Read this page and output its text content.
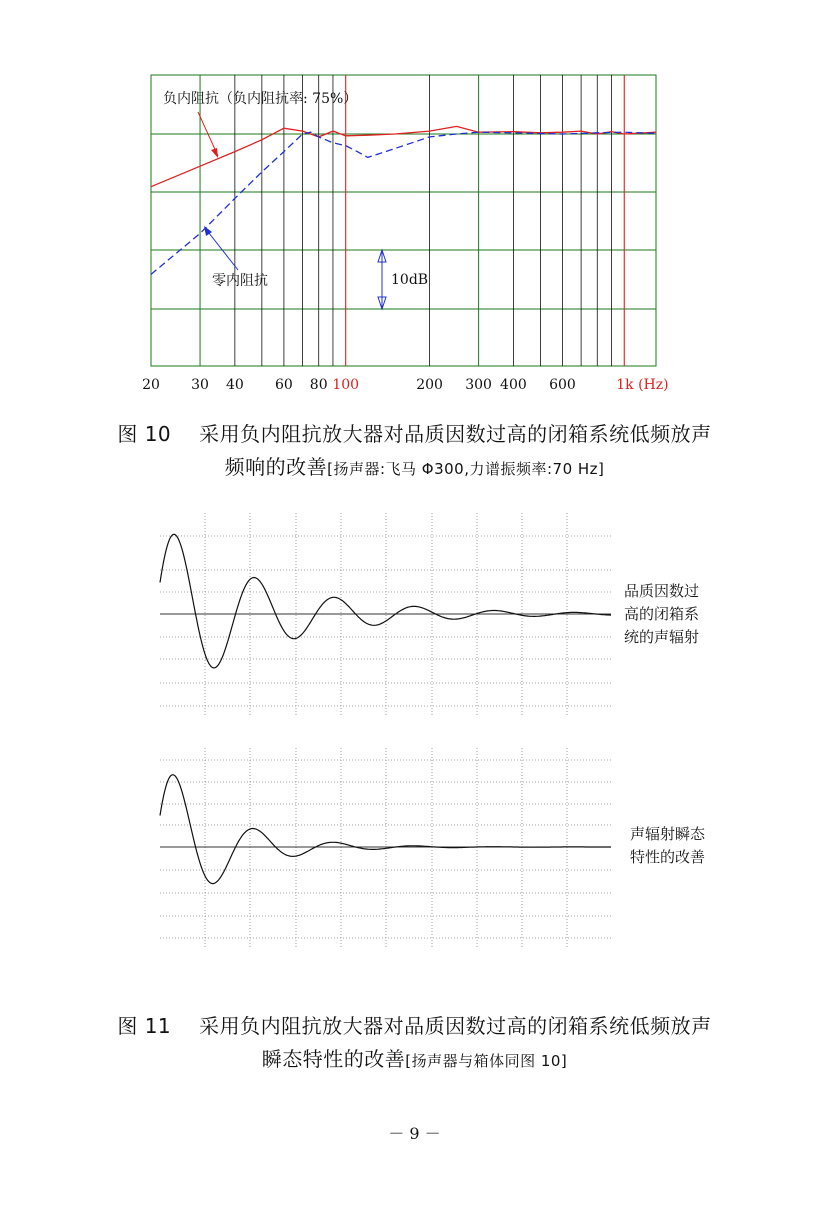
20 30 40 60 80 100	200 300 400 600	1k (Hz)
负内阻抗（负内阻抗率: 75%）
零内阻抗	10dB
图 10 采用负内阻抗放大器对品质因数过高的闭箱系统低频放声
频响的改善[扬声器:飞马 Φ300,力谱振频率:70 Hz]
品质因数过
高的闭箱系
统的声辐射
声辐射瞬态
特性的改善
图 11 采用负内阻抗放大器对品质因数过高的闭箱系统低频放声
瞬态特性的改善[扬声器与箱体同图 10]
－ 9 －
